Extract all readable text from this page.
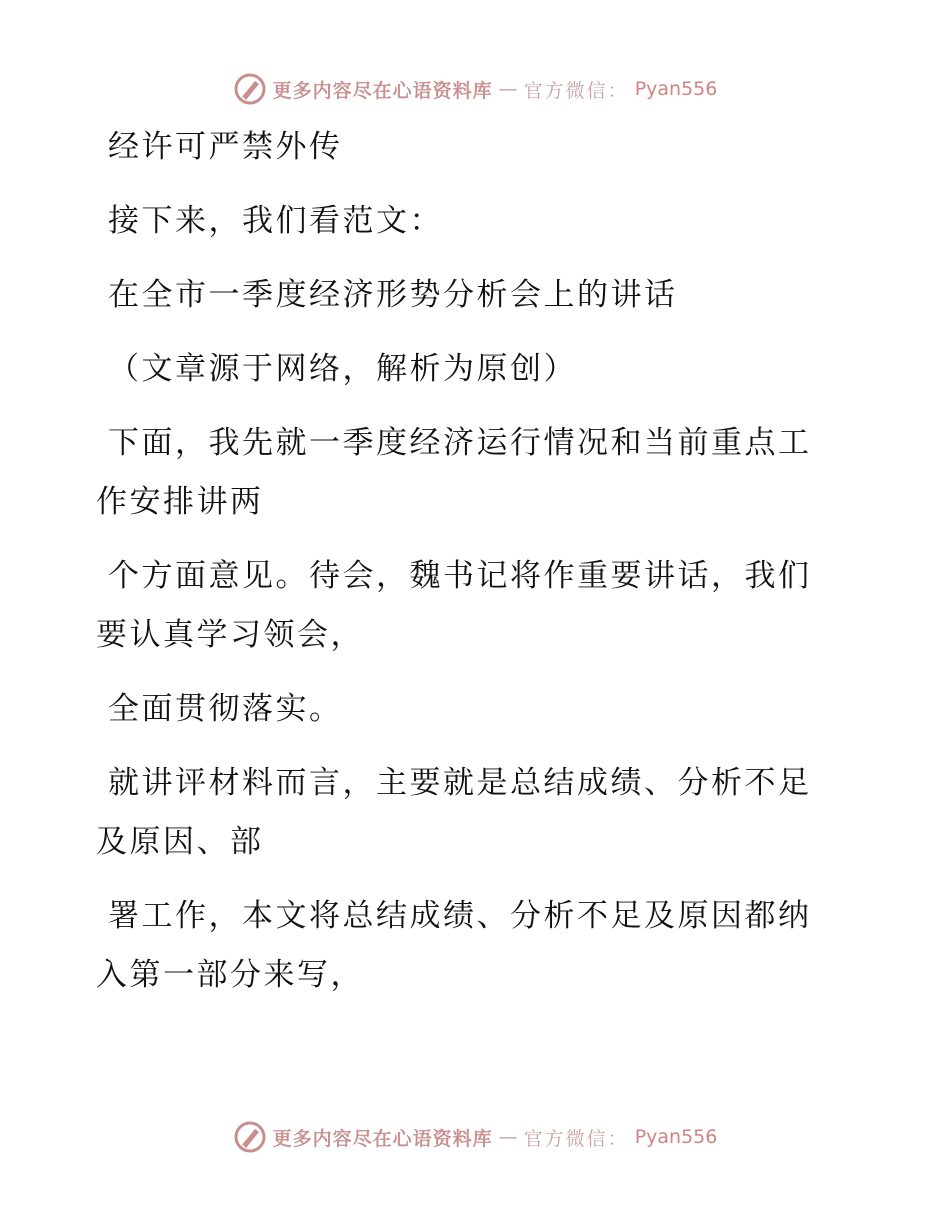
更多内容尽在心语资料库 — 官方微信： Pyan556

经许可严禁外传

接下来，我们看范文：

在全市一季度经济形势分析会上的讲话

（文章源于网络，解析为原创）

下面，我先就一季度经济运行情况和当前重点工
作安排讲两

个方面意见。待会，魏书记将作重要讲话，我们
要认真学习领会，

全面贯彻落实。

就讲评材料而言，主要就是总结成绩、分析不足
及原因、部

署工作，本文将总结成绩、分析不足及原因都纳
入第一部分来写，

更多内容尽在心语资料库 — 官方微信： Pyan556
